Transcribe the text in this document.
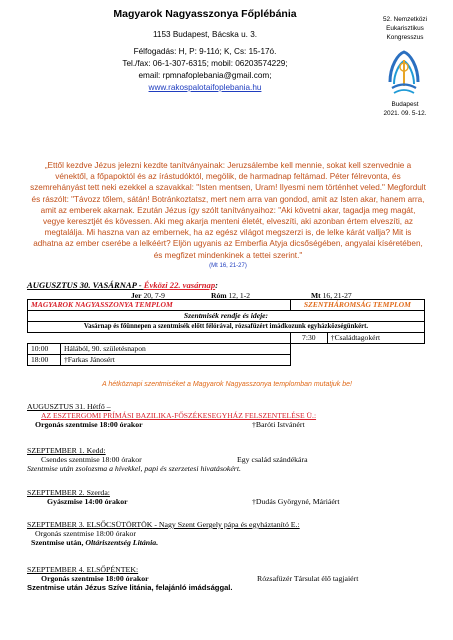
Magyarok Nagyasszonya Főplébánia
1153 Budapest, Bácska u. 3.
Félfogadás: H, P: 9-11ó; K, Cs: 15-17ó.
Tel./fax: 06-1-307-6315; mobil: 06203574229;
email: rpmnafoplebania@gmail.com;
www.rakospalotaifoplebania.hu
52. Nemzetközi
Eukarisztikus
Kongresszus
Budapest
2021. 09. 5-12.
„Ettől kezdve Jézus jelezni kezdte tanítványainak: Jeruzsálembe kell mennie, sokat kell szenvednie a vénektől, a főpapoktól és az írástudóktól, megölik, de harmadnap feltámad. Péter félrevonta, és szemrehányást tett neki ezekkel a szavakkal: "Isten mentsen, Uram! Ilyesmi nem történhet veled." Megfordult és rászólt: "Távozz tőlem, sátán! Botránkoztatsz, mert nem arra van gondod, amit az Isten akar, hanem arra, amit az emberek akarnak. Ezután Jézus így szólt tanítványaihoz: "Aki követni akar, tagadja meg magát, vegye keresztjét és kövessen. Aki meg akarja menteni életét, elveszíti, aki azonban értem elveszíti, az megtalálja. Mi haszna van az embernek, ha az egész világot megszerzi is, de lelke kárát vallja? Mit is adhatna az ember cserébe a lelkéért? Eljön ugyanis az Emberfia Atyja dicsőségében, angyalai kíséretében, és megfizet mindenkinek a tettei szerint."
(Mt 16, 21-27)
AUGUSZTUS 30. VASÁRNAP - Évközi 22. vasárnap:
Jer 20, 7-9	Róm 12, 1-2	Mt 16, 21-27
MAGYAROK NAGYASSZONYA TEMPLOM		SZENTHÁROMSÁG TEMPLOM	
Szentmisék rendje és ideje:			
Vasárnap és főünnepen a szentmisék előtt félórával, rózsafüzért imádkozunk egyházközségünkért.			
		7:30	†Családtagokért
10:00	Hálából, 90. születésnapon		
18:00	†Farkas Jánosért		
A hétköznapi szentmiséket a Magyarok Nagyasszonya templomban mutatjuk be!
AUGUSZTUS 31. Hétfő –
AZ ESZTERGOMI PRÍMÁSI BAZILIKA-FŐSZÉKESEGYHÁZ FELSZENTELÉSE Ü.:
Orgonás szentmise 18:00 órakor	†Baróti Istvánért
SZEPTEMBER 1. Kedd:
Csendes szentmise 18:00 órakor	Egy család szándékára
Szentmise után zsolozsma a hívekkel, papi és szerzetesi hivatásokért.
SZEPTEMBER 2. Szerda:
Gyászmise 14:00 órakor	†Dudás Györgyné, Máriáért
SZEPTEMBER 3. ELSŐCSÜTÖRTÖK - Nagy Szent Gergely pápa és egyháztanító E.:
Orgonás szentmise 18:00 órakor
Szentmise után, Oltáriszentség Litánia.
SZEPTEMBER 4. ELSŐPÉNTEK:
Orgonás szentmise 18:00 órakor	Rózsafüzér Társulat élő tagjaiért
Szentmise után Jézus Szíve litánia, felajánló imádsággal.
